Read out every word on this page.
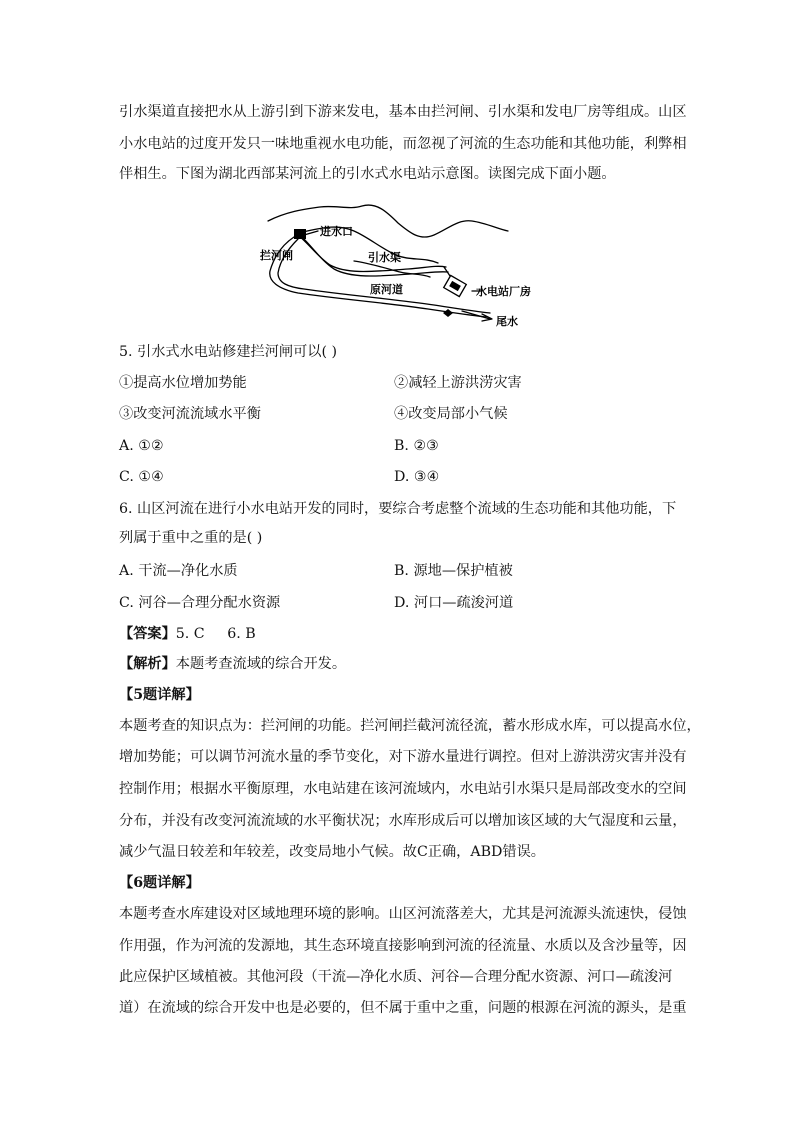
引水渠道直接把水从上游引到下游来发电，基本由拦河闸、引水渠和发电厂房等组成。山区
小水电站的过度开发只一味地重视水电功能，而忽视了河流的生态功能和其他功能，利弊相
伴相生。下图为湖北西部某河流上的引水式水电站示意图。读图完成下面小题。
进水口
拦河闸	引水渠
原河道	水电站厂房
尾水
5. 引水式水电站修建拦河闸可以( )
①提高水位增加势能	②减轻上游洪涝灾害
③改变河流流域水平衡	④改变局部小气候
A. ①②	B. ②③
C. ①④	D. ③④
6. 山区河流在进行小水电站开发的同时，要综合考虑整个流域的生态功能和其他功能，下
列属于重中之重的是( )
A. 干流—净化水质	B. 源地—保护植被
C. 河谷—合理分配水资源	D. 河口—疏浚河道
【答案】5. C     6. B
【解析】本题考查流域的综合开发。
【5题详解】
本题考查的知识点为：拦河闸的功能。拦河闸拦截河流径流，蓄水形成水库，可以提高水位，
增加势能；可以调节河流水量的季节变化，对下游水量进行调控。但对上游洪涝灾害并没有
控制作用；根据水平衡原理，水电站建在该河流域内，水电站引水渠只是局部改变水的空间
分布，并没有改变河流流域的水平衡状况；水库形成后可以增加该区域的大气湿度和云量，
减少气温日较差和年较差，改变局地小气候。故C正确，ABD错误。
【6题详解】
本题考查水库建设对区域地理环境的影响。山区河流落差大，尤其是河流源头流速快，侵蚀
作用强，作为河流的发源地，其生态环境直接影响到河流的径流量、水质以及含沙量等，因
此应保护区域植被。其他河段（干流—净化水质、河谷—合理分配水资源、河口—疏浚河
道）在流域的综合开发中也是必要的，但不属于重中之重，问题的根源在河流的源头，是重
